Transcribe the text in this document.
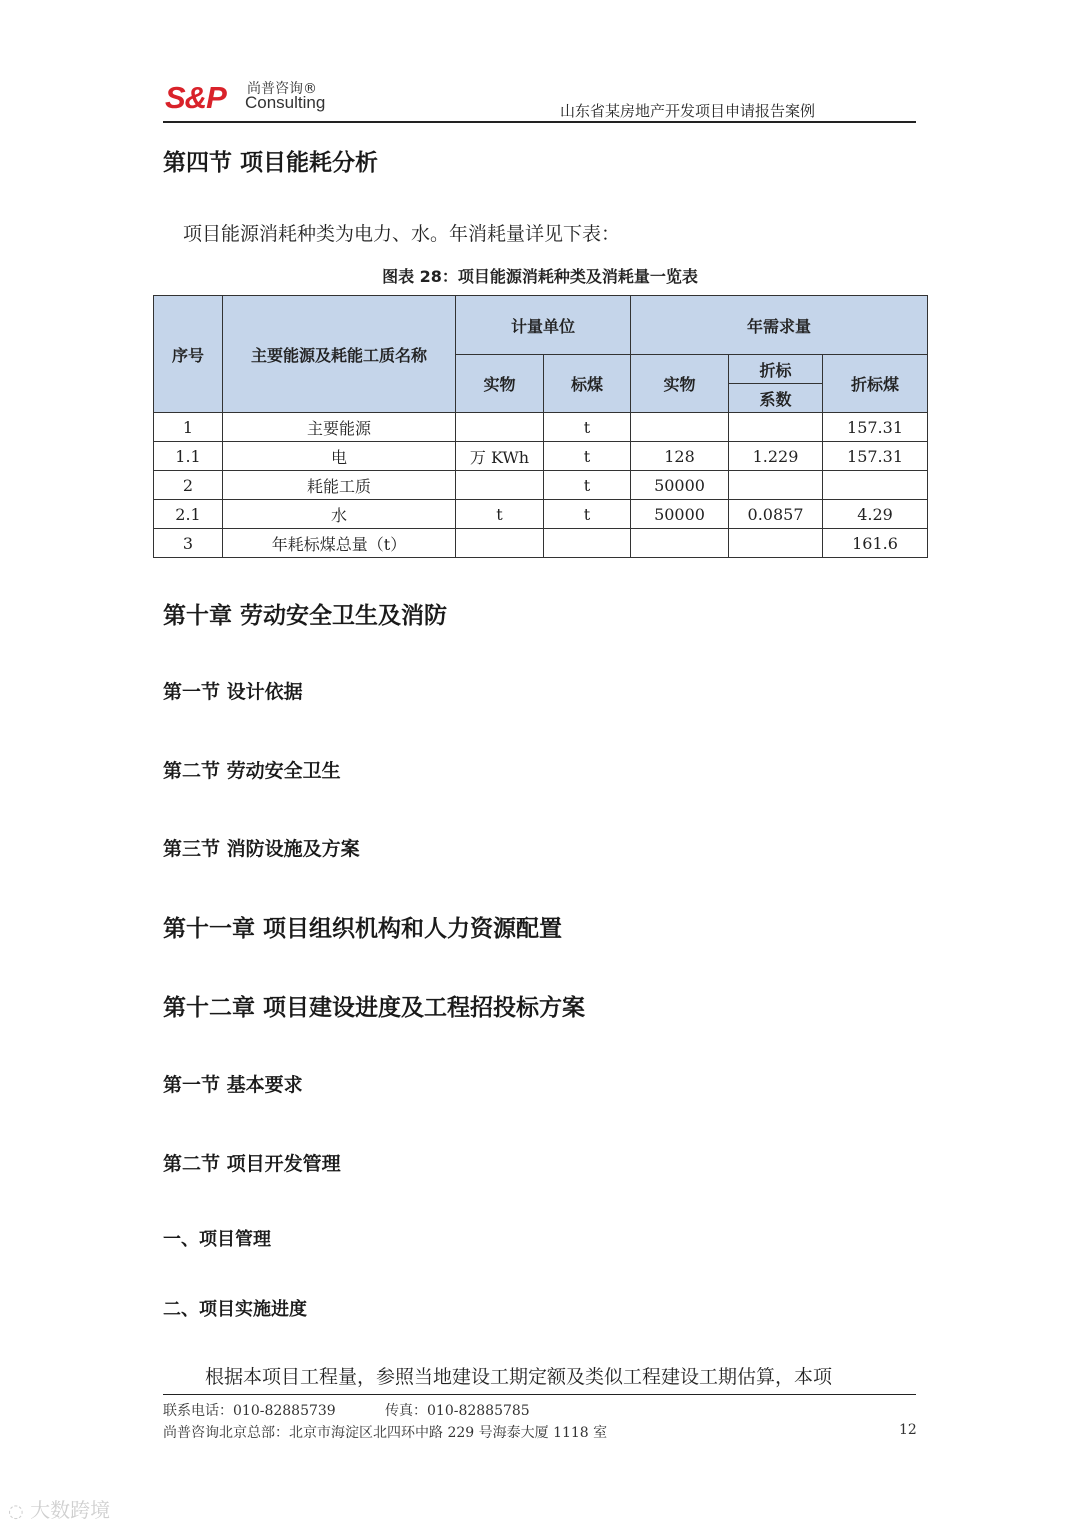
S&P 尚普咨询®
Consulting	山东省某房地产开发项目申请报告案例
第四节 项目能耗分析
项目能源消耗种类为电力、水。年消耗量详见下表：
图表 28：项目能源消耗种类及消耗量一览表
序号	主要能源及耗能工质名称	计量单位		年需求量		
		实物	标煤	实物	折标	折标煤
					系数	
1	主要能源		t			157.31
1.1	电	万 KWh	t	128	1.229	157.31
2	耗能工质		t	50000		
2.1	水	t	t	50000	0.0857	4.29
3	年耗标煤总量（t）					161.6
第十章 劳动安全卫生及消防
第一节 设计依据
第二节 劳动安全卫生
第三节 消防设施及方案
第十一章 项目组织机构和人力资源配置
第十二章 项目建设进度及工程招投标方案
第一节 基本要求
第二节 项目开发管理
一、项目管理
二、项目实施进度
根据本项目工程量，参照当地建设工期定额及类似工程建设工期估算，本项
联系电话：010-82885739	传真：010-82885785
尚普咨询北京总部：北京市海淀区北四环中路 229 号海泰大厦 1118 室	12
◌ 大数跨境
